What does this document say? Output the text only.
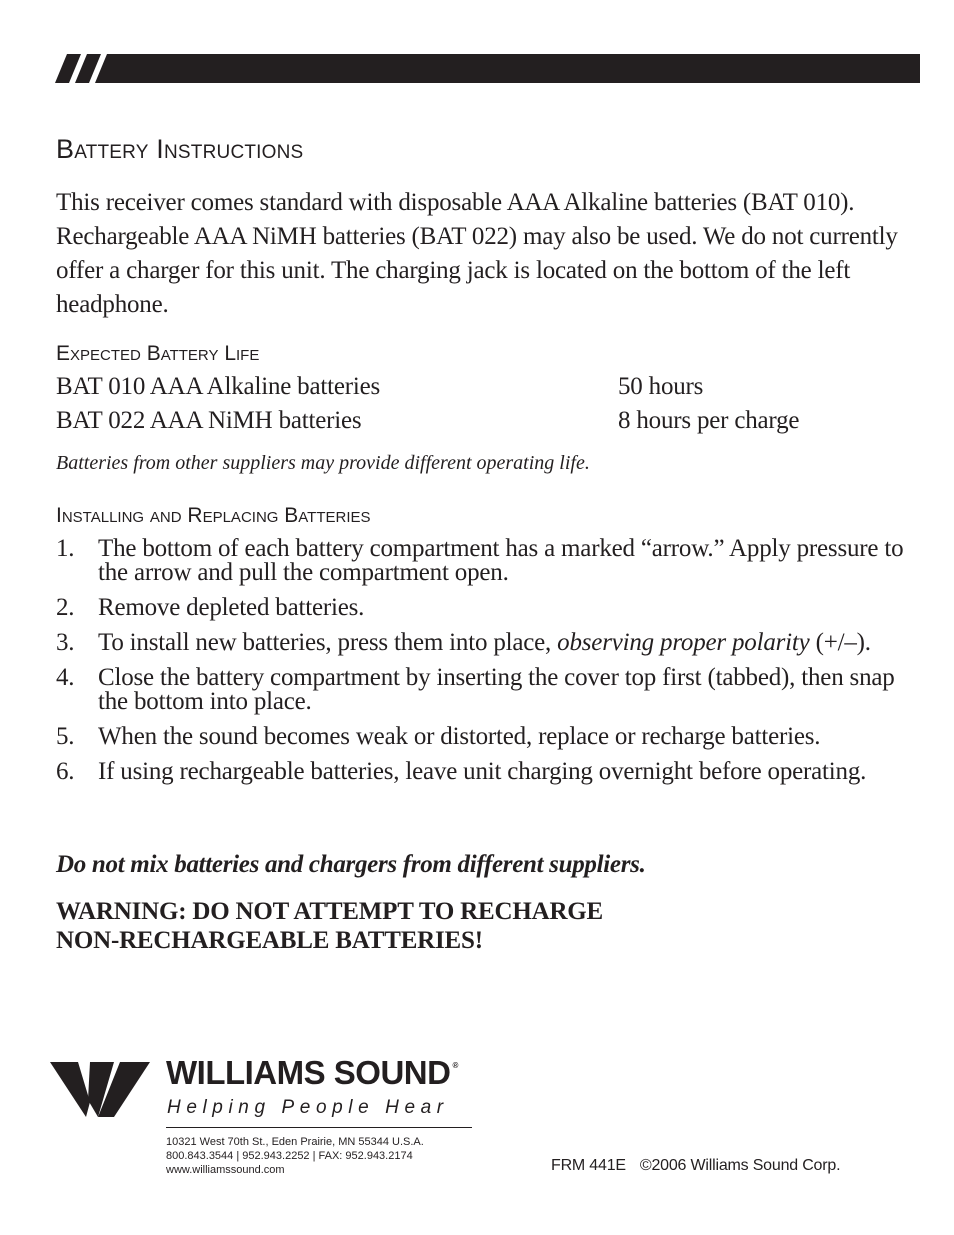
Battery Instructions
This receiver comes standard with disposable AAA Alkaline batteries (BAT 010). Rechargeable AAA NiMH batteries (BAT 022) may also be used. We do not currently offer a charger for this unit. The charging jack is located on the bottom of the left headphone.
Expected Battery Life
BAT 010 AAA Alkaline batteries	50 hours
BAT 022 AAA NiMH batteries	8 hours per charge
Batteries from other suppliers may provide different operating life.
Installing and Replacing Batteries
1. The bottom of each battery compartment has a marked “arrow.” Apply pressure to the arrow and pull the compartment open.
2. Remove depleted batteries.
3. To install new batteries, press them into place, observing proper polarity (+/–).
4. Close the battery compartment by inserting the cover top first (tabbed), then snap the bottom into place.
5. When the sound becomes weak or distorted, replace or recharge batteries.
6. If using rechargeable batteries, leave unit charging overnight before operating.
Do not mix batteries and chargers from different suppliers.
WARNING: DO NOT ATTEMPT TO RECHARGE
NON-RECHARGEABLE BATTERIES!
WILLIAMS SOUND ®
Helping People Hear
10321 West 70th St., Eden Prairie, MN 55344 U.S.A.
800.843.3544 | 952.943.2252 | FAX: 952.943.2174
www.williamssound.com	FRM 441E ©2006 Williams Sound Corp.
